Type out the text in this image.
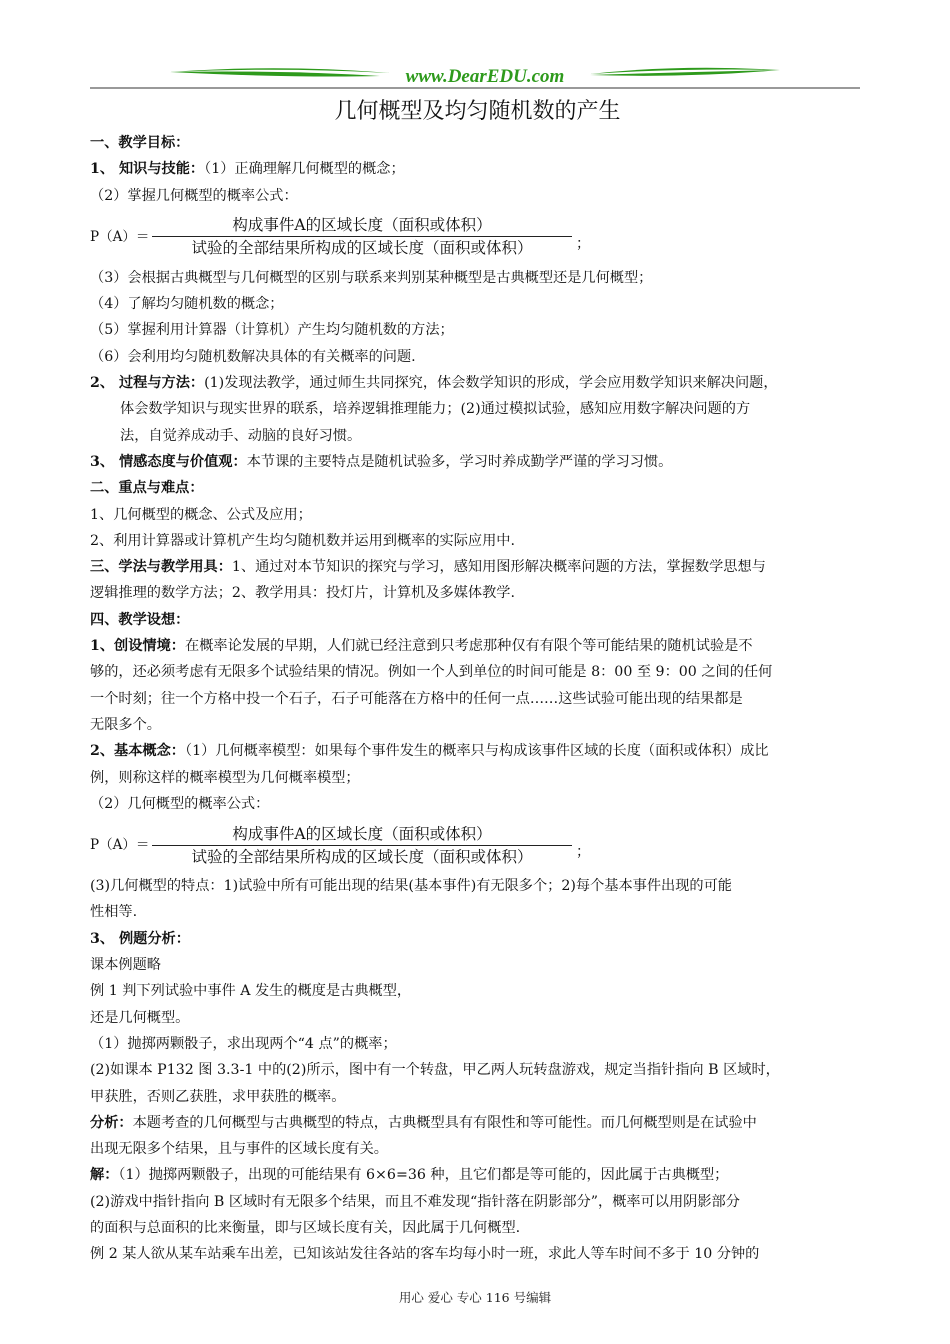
www.DearEDU.com
几何概型及均匀随机数的产生
一、教学目标：
1、 知识与技能：（1）正确理解几何概型的概念；
（2）掌握几何概型的概率公式：
$P(A)= \frac{\text{构成事件A的区域长度（面积或体积）}}{\text{试验的全部结果所构成的区域长度（面积或体积）}}$ ；
（3）会根据古典概型与几何概型的区别与联系来判别某种概型是古典概型还是几何概型；
（4）了解均匀随机数的概念；
（5）掌握利用计算器（计算机）产生均匀随机数的方法；
（6）会利用均匀随机数解决具体的有关概率的问题.
2、 过程与方法：(1)发现法教学，通过师生共同探究，体会数学知识的形成，学会应用数学知识来解决问题，
体会数学知识与现实世界的联系，培养逻辑推理能力；(2)通过模拟试验，感知应用数字解决问题的方
法，自觉养成动手、动脑的良好习惯。
3、 情感态度与价值观：本节课的主要特点是随机试验多，学习时养成勤学严谨的学习习惯。
二、重点与难点：
1、几何概型的概念、公式及应用；
2、利用计算器或计算机产生均匀随机数并运用到概率的实际应用中.
三、学法与教学用具：1、通过对本节知识的探究与学习，感知用图形解决概率问题的方法，掌握数学思想与
逻辑推理的数学方法；2、教学用具：投灯片，计算机及多媒体教学.
四、教学设想：
1、创设情境：在概率论发展的早期，人们就已经注意到只考虑那种仅有有限个等可能结果的随机试验是不
够的，还必须考虑有无限多个试验结果的情况。例如一个人到单位的时间可能是 8：00 至 9：00 之间的任何
一个时刻；往一个方格中投一个石子，石子可能落在方格中的任何一点……这些试验可能出现的结果都是
无限多个。
2、基本概念：（1）几何概率模型：如果每个事件发生的概率只与构成该事件区域的长度（面积或体积）成比
例，则称这样的概率模型为几何概率模型；
（2）几何概型的概率公式：
$P(A)= \frac{\text{构成事件A的区域长度（面积或体积）}}{\text{试验的全部结果所构成的区域长度（面积或体积）}}$ ；
(3)几何概型的特点：1)试验中所有可能出现的结果(基本事件)有无限多个；2)每个基本事件出现的可能
性相等.
3、 例题分析：
课本例题略
例 1 判下列试验中事件 A 发生的概度是古典概型，
还是几何概型。
（1）抛掷两颗骰子，求出现两个“4 点”的概率；
(2)如课本 P132 图 3.3-1 中的(2)所示，图中有一个转盘，甲乙两人玩转盘游戏，规定当指针指向 B 区域时，
甲获胜，否则乙获胜，求甲获胜的概率。
分析：本题考查的几何概型与古典概型的特点，古典概型具有有限性和等可能性。而几何概型则是在试验中
出现无限多个结果，且与事件的区域长度有关。
解：（1）抛掷两颗骰子，出现的可能结果有 6×6=36 种，且它们都是等可能的，因此属于古典概型；
(2)游戏中指针指向 B 区域时有无限多个结果，而且不难发现“指针落在阴影部分”，概率可以用阴影部分
的面积与总面积的比来衡量，即与区域长度有关，因此属于几何概型.
例 2 某人欲从某车站乘车出差，已知该站发往各站的客车均每小时一班，求此人等车时间不多于 10 分钟的
用心 爱心 专心 116 号编辑
